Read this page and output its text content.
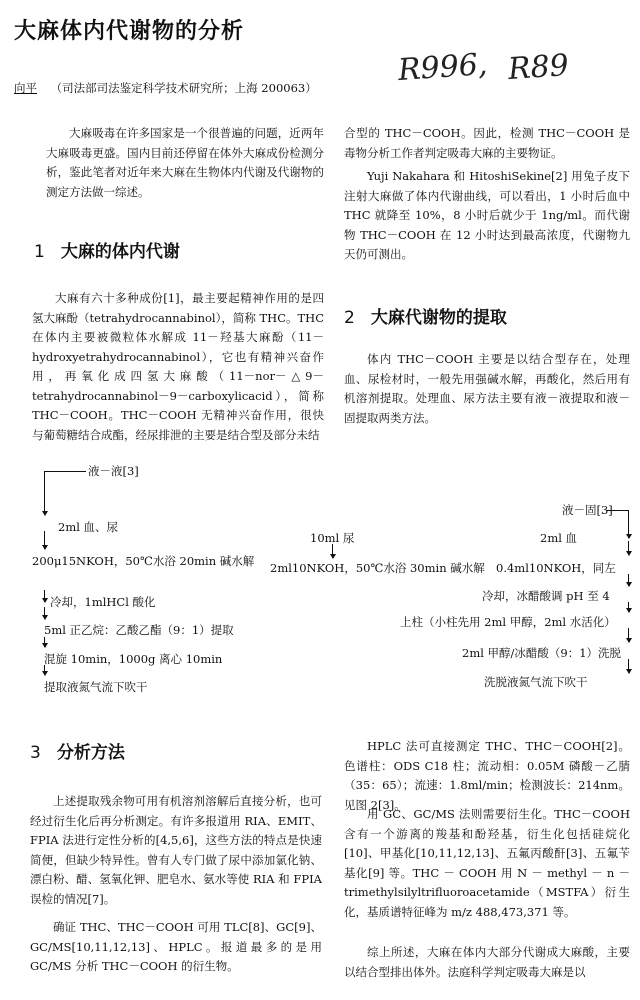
大麻体内代谢物的分析
R996, R89
向平 （司法部司法鉴定科学技术研究所；上海 200063）
大麻吸毒在许多国家是一个很普遍的问题，近两年大麻吸毒更盛。国内目前还停留在体外大麻成份检测分析，鉴此笔者对近年来大麻在生物体内代谢及代谢物的测定方法做一综述。
1 大麻的体内代谢
大麻有六十多种成份[1]，最主要起精神作用的是四氢大麻酚（tetrahydrocannabinol），简称 THC。THC 在体内主要被微粒体水解成 11－羟基大麻酚（11－hydroxyetrahydrocannabinol），它也有精神兴奋作用，再氧化成四氢大麻酸（11－nor－△9－tetrahydrocannabinol－9－carboxylicacid），简称 THC－COOH。THC－COOH 无精神兴奋作用，很快与葡萄糖结合成酯，经尿排泄的主要是结合型及部分未结
合型的 THC－COOH。因此，检测 THC－COOH 是毒物分析工作者判定吸毒大麻的主要物证。
Yuji Nakahara 和 HitoshiSekine[2] 用兔子皮下注射大麻做了体内代谢曲线，可以看出，1 小时后血中 THC 就降至 10%，8 小时后就少于 1ng/ml。而代谢物 THC－COOH 在 12 小时达到最高浓度，代谢物九天仍可测出。
2 大麻代谢物的提取
体内 THC－COOH 主要是以结合型存在，处理血、尿检材时，一般先用强碱水解，再酸化，然后用有机溶剂提取。处理血、尿方法主要有液－液提取和液－固提取两类方法。
液－液[3]
2ml 血、尿
200μ15NKOH，50℃水浴 20min 碱水解
冷却，1mlHCl 酸化
5ml 正乙烷：乙酸乙酯（9：1）提取
混旋 10min，1000g 离心 10min
提取液氮气流下吹干
10ml 尿
2ml10NKOH，50℃水浴 30min 碱水解
液－固[3]
2ml 血
0.4ml10NKOH，同左
冷却，冰醋酸调 pH 至 4
上柱（小柱先用 2ml 甲醇，2ml 水活化）
2ml 甲醇/冰醋酸（9：1）洗脱
洗脱液氮气流下吹干
3 分析方法
上述提取残余物可用有机溶剂溶解后直接分析，也可经过衍生化后再分析测定。有许多报道用 RIA、EMIT、FPIA 法进行定性分析的[4,5,6]，这些方法的特点是快速简便，但缺少特异性。曾有人专门做了尿中添加氯化钠、漂白粉、醋、氢氧化钾、肥皂水、氨水等使 RIA 和 FPIA 误检的情况[7]。
确证 THC、THC－COOH 可用 TLC[8]、GC[9]、GC/MS[10,11,12,13]、HPLC。报道最多的是用 GC/MS 分析 THC－COOH 的衍生物。
HPLC 法可直接测定 THC、THC－COOH[2]。色谱柱：ODS C18 柱；流动相：0.05M 磷酸－乙腈（35：65）；流速：1.8ml/min；检测波长：214nm。见图 2[3]。
用 GC、GC/MS 法则需要衍生化。THC－COOH 含有一个游离的羧基和酚羟基，衍生化包括硅烷化[10]、甲基化[10,11,12,13]、五氟丙酸酐[3]、五氟苄基化[9] 等。THC － COOH 用 N － methyl － n － trimethylsilyltrifluoroacetamide（MSTFA）衍生化，基质谱特征峰为 m/z 488,473,371 等。
综上所述，大麻在体内大部分代谢成大麻酸，主要以结合型排出体外。法庭科学判定吸毒大麻是以
